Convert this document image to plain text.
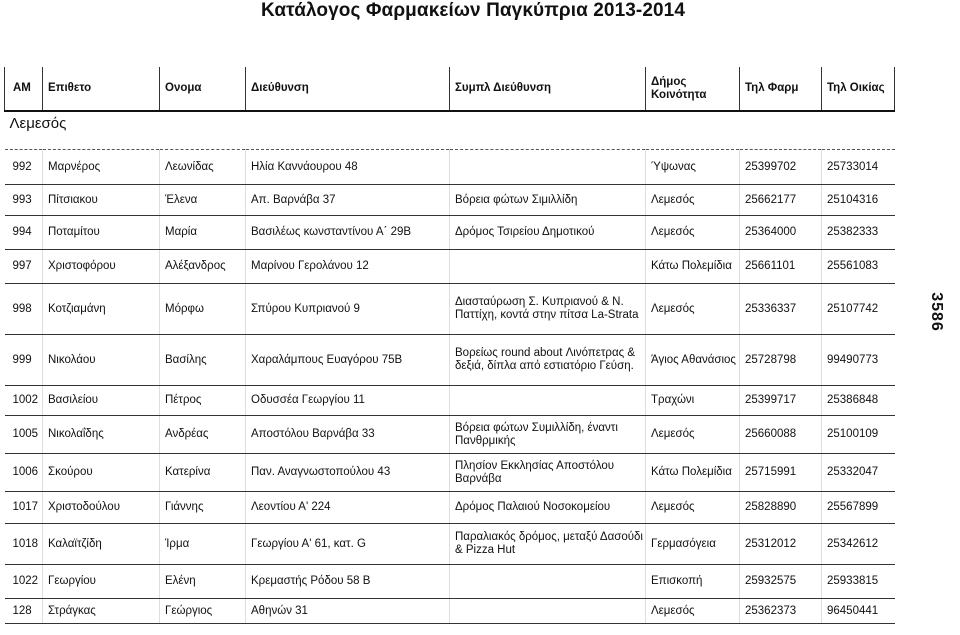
Κατάλογος Φαρμακείων Παγκύπρια 2013-2014
AM	Επιθετο	Ονομα	Διεύθυνση	Συμπλ Διεύθυνση	Δήμος Κοινότητα	Τηλ Φαρμ	Τηλ Οικίας
Λεμεσός							
992	Μαρνέρος	Λεωνίδας	Ηλία Καννάουρου 48		Ύψωνας	25399702	25733014
993	Πίτσιακου	Έλενα	Απ. Βαρνάβα 37	Βόρεια φώτων Σιμιλλίδη	Λεμεσός	25662177	25104316
994	Ποταμίτου	Μαρία	Βασιλέως κωνσταντίνου Α΄ 29Β	Δρόμος Τσιρείου Δημοτικού	Λεμεσός	25364000	25382333
997	Χριστοφόρου	Αλέξανδρος	Μαρίνου Γερολάνου 12		Κάτω Πολεμίδια	25661101	25561083
998	Κοτζιαμάνη	Μόρφω	Σπύρου Κυπριανού 9	Διασταύρωση Σ. Κυπριανού & Ν. Παττίχη, κοντά στην πίτσα La-Strata	Λεμεσός	25336337	25107742
999	Νικολάου	Βασίλης	Χαραλάμπους Ευαγόρου 75Β	Βορείως round about Λινόπετρας & δεξιά, δίπλα από εστιατόριο Γεύση.	Άγιος Αθανάσιος	25728798	99490773
1002	Βασιλείου	Πέτρος	Οδυσσέα Γεωργίου 11		Τραχώνι	25399717	25386848
1005	Νικολαΐδης	Ανδρέας	Αποστόλου Βαρνάβα 33	Βόρεια φώτων Συμιλλίδη, έναντι Πανθρμικής	Λεμεσός	25660088	25100109
1006	Σκούρου	Κατερίνα	Παν. Αναγνωστοπούλου 43	Πλησίον Εκκλησίας Αποστόλου Βαρνάβα	Κάτω Πολεμίδια	25715991	25332047
1017	Χριστοδούλου	Γιάννης	Λεοντίου Α' 224	Δρόμος Παλαιού Νοσοκομείου	Λεμεσός	25828890	25567899
1018	Καλαϊτζίδη	Ίρμα	Γεωργίου Α' 61, κατ. G	Παραλιακός δρόμος, μεταξύ Δασούδι & Pizza Hut	Γερμασόγεια	25312012	25342612
1022	Γεωργίου	Ελένη	Κρεμαστής Ρόδου 58 Β		Επισκοπή	25932575	25933815
128	Στράγκας	Γεώργιος	Αθηνών 31		Λεμεσός	25362373	96450441
3586
